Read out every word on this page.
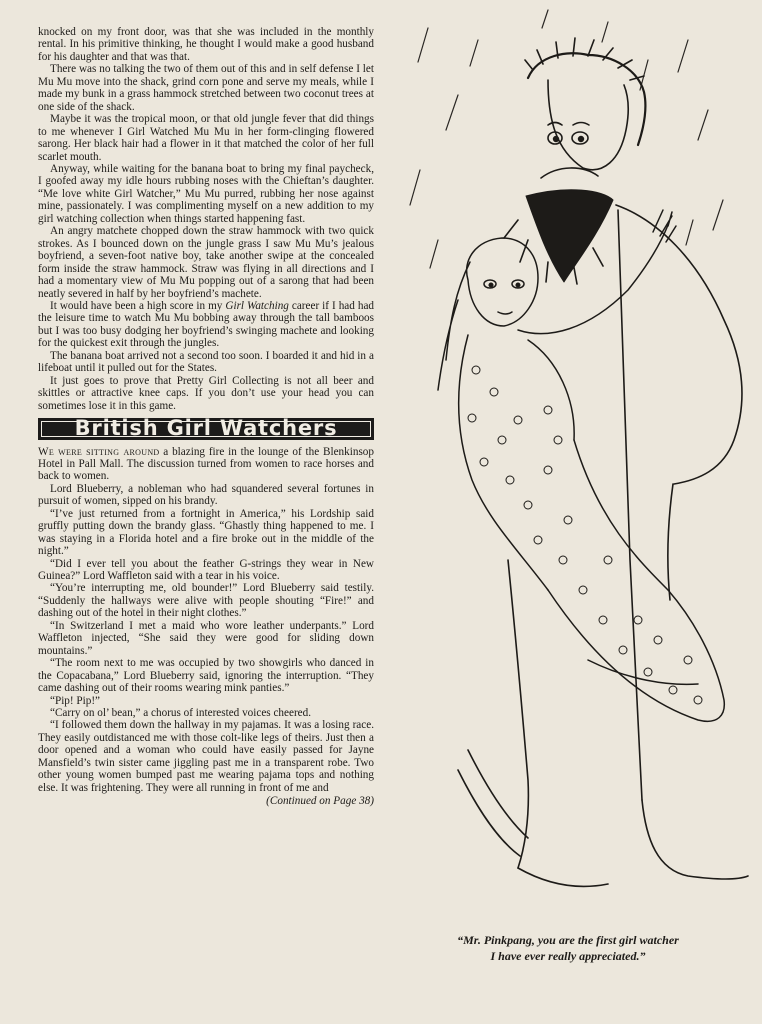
knocked on my front door, was that she was included in the monthly rental. In his primitive thinking, he thought I would make a good husband for his daughter and that was that.

There was no talking the two of them out of this and in self defense I let Mu Mu move into the shack, grind corn pone and serve my meals, while I made my bunk in a grass hammock stretched between two coconut trees at one side of the shack.

Maybe it was the tropical moon, or that old jungle fever that did things to me whenever I Girl Watched Mu Mu in her form-clinging flowered sarong. Her black hair had a flower in it that matched the color of her full scarlet mouth.

Anyway, while waiting for the banana boat to bring my final paycheck, I goofed away my idle hours rubbing noses with the Chieftan’s daughter. “Me love white Girl Watcher,” Mu Mu purred, rubbing her nose against mine, passionately. I was complimenting myself on a new addition to my girl watching collection when things started happening fast.

An angry matchete chopped down the straw hammock with two quick strokes. As I bounced down on the jungle grass I saw Mu Mu’s jealous boyfriend, a seven-foot native boy, take another swipe at the concealed form inside the straw hammock. Straw was flying in all directions and I had a momentary view of Mu Mu popping out of a sarong that had been neatly severed in half by her boyfriend’s machete.

It would have been a high score in my Girl Watching career if I had had the leisure time to watch Mu Mu bobbing away through the tall bamboos but I was too busy dodging her boyfriend’s swinging machete and looking for the quickest exit through the jungles.

The banana boat arrived not a second too soon. I boarded it and hid in a lifeboat until it pulled out for the States.

It just goes to prove that Pretty Girl Collecting is not all beer and skittles or attractive knee caps. If you don’t use your head you can sometimes lose it in this game.

British Girl Watchers

We were sitting around a blazing fire in the lounge of the Blenkinsop Hotel in Pall Mall. The discussion turned from women to race horses and back to women.

Lord Blueberry, a nobleman who had squandered several fortunes in pursuit of women, sipped on his brandy.

“I’ve just returned from a fortnight in America,” his Lordship said gruffly putting down the brandy glass. “Ghastly thing happened to me. I was staying in a Florida hotel and a fire broke out in the middle of the night.”

“Did I ever tell you about the feather G-strings they wear in New Guinea?” Lord Waffleton said with a tear in his voice.

“You’re interrupting me, old bounder!” Lord Blueberry said testily. “Suddenly the hallways were alive with people shouting “Fire!” and dashing out of the hotel in their night clothes.”

“In Switzerland I met a maid who wore leather underpants.” Lord Waffleton injected, “She said they were good for sliding down mountains.”

“The room next to me was occupied by two showgirls who danced in the Copacabana,” Lord Blueberry said, ignoring the interruption. “They came dashing out of their rooms wearing mink panties.”

“Pip! Pip!”

“Carry on ol’ bean,” a chorus of interested voices cheered.

“I followed them down the hallway in my pajamas. It was a losing race. They easily outdistanced me with those colt-like legs of theirs. Just then a door opened and a woman who could have easily passed for Jayne Mansfield’s twin sister came jiggling past me in a transparent robe. Two other young women bumped past me wearing pajama tops and nothing else. It was frightening. They were all running in front of me and

(Continued on Page 38)
“Mr. Pinkpang, you are the first girl watcher
I have ever really appreciated.”
